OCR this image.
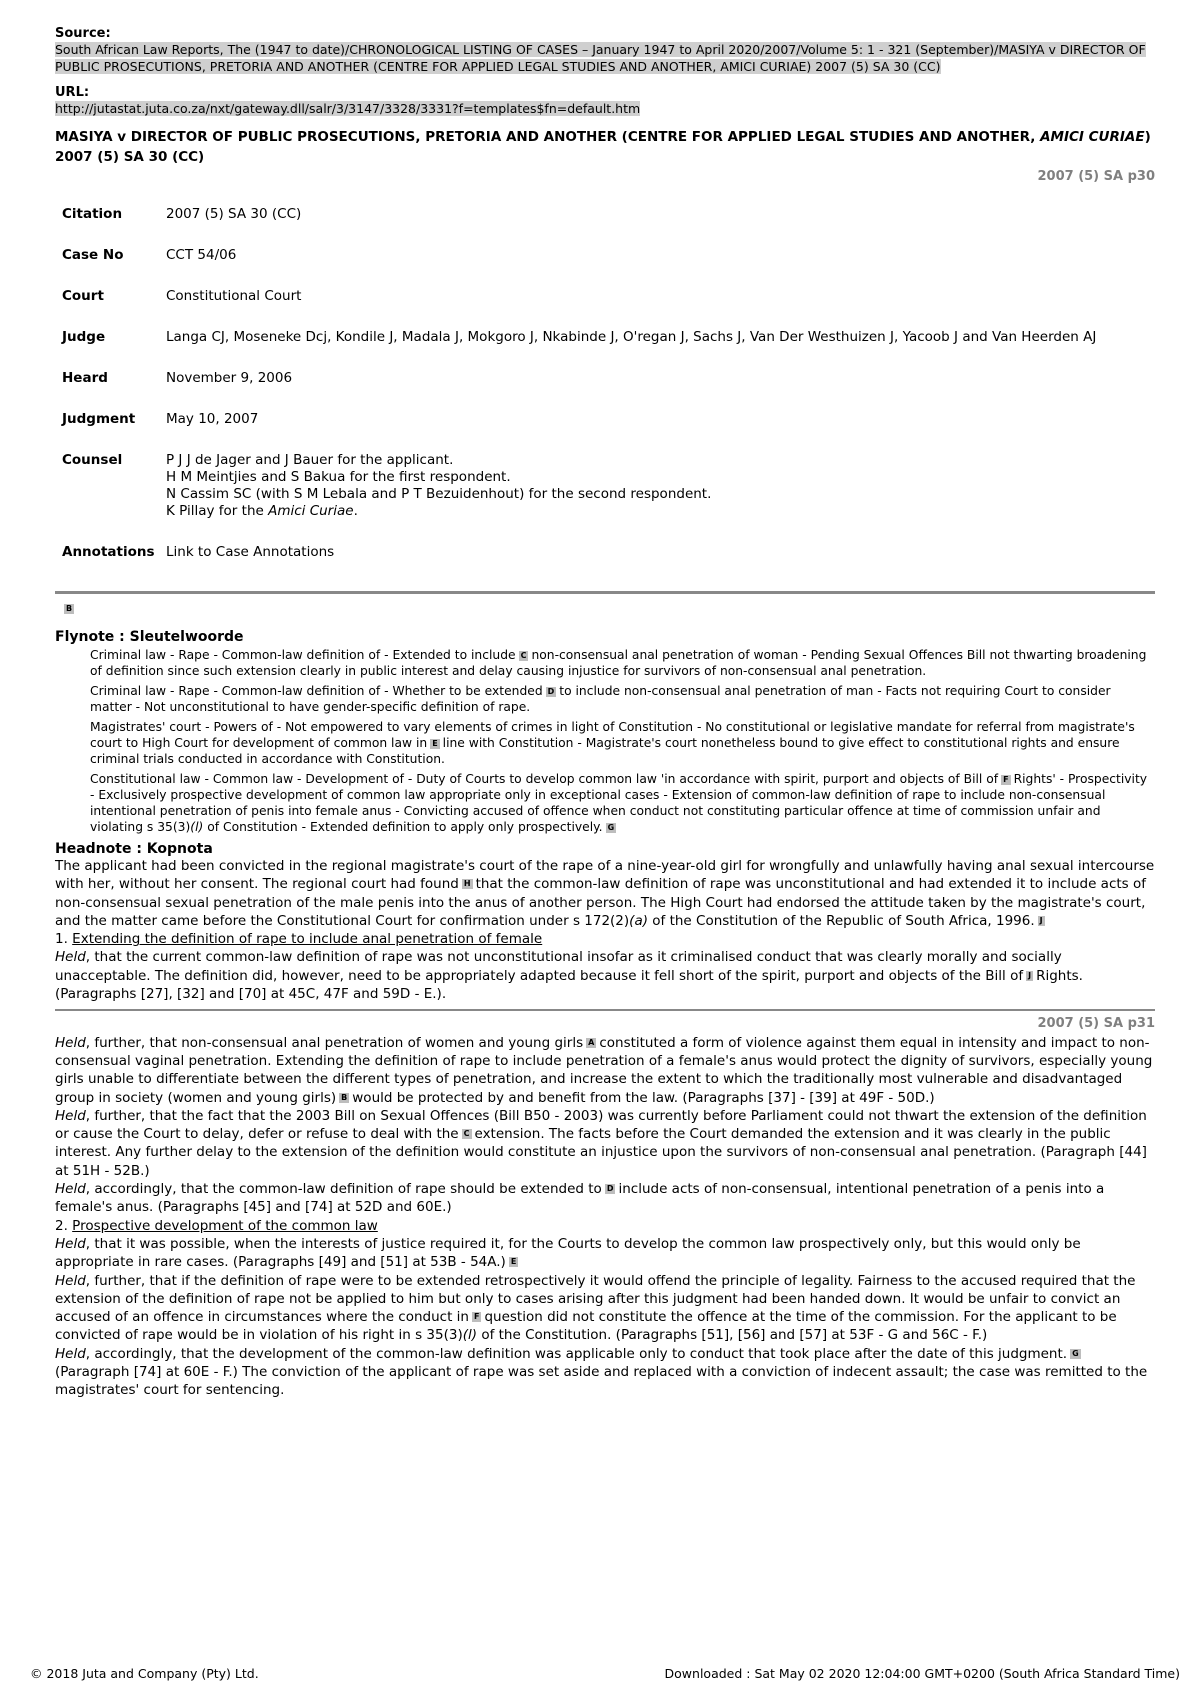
Source:
South African Law Reports, The (1947 to date)/CHRONOLOGICAL LISTING OF CASES – January 1947 to April 2020/2007/Volume 5: 1 - 321 (September)/MASIYA v DIRECTOR OF PUBLIC PROSECUTIONS, PRETORIA AND ANOTHER (CENTRE FOR APPLIED LEGAL STUDIES AND ANOTHER, AMICI CURIAE) 2007 (5) SA 30 (CC)
URL:
http://jutastat.juta.co.za/nxt/gateway.dll/salr/3/3147/3328/3331?f=templates$fn=default.htm
MASIYA v DIRECTOR OF PUBLIC PROSECUTIONS, PRETORIA AND ANOTHER (CENTRE FOR APPLIED LEGAL STUDIES AND ANOTHER, AMICI CURIAE) 2007 (5) SA 30 (CC)
2007 (5) SA p30
Citation	2007 (5) SA 30 (CC)
Case No	CCT 54/06
Court	Constitutional Court
Judge	Langa CJ, Moseneke Dcj, Kondile J, Madala J, Mokgoro J, Nkabinde J, O'regan J, Sachs J, Van Der Westhuizen J, Yacoob J and Van Heerden AJ
Heard	November 9, 2006
Judgment	May 10, 2007
Counsel	P J J de Jager and J Bauer for the applicant.
H M Meintjies and S Bakua for the first respondent.
N Cassim SC (with S M Lebala and P T Bezuidenhout) for the second respondent.
K Pillay for the Amici Curiae.

Annotations	Link to Case Annotations
B
Flynote : Sleutelwoorde

Criminal law - Rape - Common-law definition of - Extended to include C non-consensual anal penetration of woman - Pending Sexual Offences Bill not thwarting broadening of definition since such extension clearly in public interest and delay causing injustice for survivors of non-consensual anal penetration.

Criminal law - Rape - Common-law definition of - Whether to be extended D to include non-consensual anal penetration of man - Facts not requiring Court to consider matter - Not unconstitutional to have gender-specific definition of rape.

Magistrates' court - Powers of - Not empowered to vary elements of crimes in light of Constitution - No constitutional or legislative mandate for referral from magistrate's court to High Court for development of common law in E line with Constitution - Magistrate's court nonetheless bound to give effect to constitutional rights and ensure criminal trials conducted in accordance with Constitution.

Constitutional law - Common law - Development of - Duty of Courts to develop common law 'in accordance with spirit, purport and objects of Bill of F Rights' - Prospectivity - Exclusively prospective development of common law appropriate only in exceptional cases - Extension of common-law definition of rape to include non-consensual intentional penetration of penis into female anus - Convicting accused of offence when conduct not constituting particular offence at time of commission unfair and violating s 35(3)(l) of Constitution - Extended definition to apply only prospectively. G

Headnote : Kopnota

The applicant had been convicted in the regional magistrate's court of the rape of a nine-year-old girl for wrongfully and unlawfully having anal sexual intercourse with her, without her consent. The regional court had found H that the common-law definition of rape was unconstitutional and had extended it to include acts of non-consensual sexual penetration of the male penis into the anus of another person. The High Court had endorsed the attitude taken by the magistrate's court, and the matter came before the Constitutional Court for confirmation under s 172(2)(a) of the Constitution of the Republic of South Africa, 1996. J

1. Extending the definition of rape to include anal penetration of female

Held, that the current common-law definition of rape was not unconstitutional insofar as it criminalised conduct that was clearly morally and socially unacceptable. The definition did, however, need to be appropriately adapted because it fell short of the spirit, purport and objects of the Bill of J Rights. (Paragraphs [27], [32] and [70] at 45C, 47F and 59D - E.).

2007 (5) SA p31

Held, further, that non-consensual anal penetration of women and young girls A constituted a form of violence against them equal in intensity and impact to non-consensual vaginal penetration. Extending the definition of rape to include penetration of a female's anus would protect the dignity of survivors, especially young girls unable to differentiate between the different types of penetration, and increase the extent to which the traditionally most vulnerable and disadvantaged group in society (women and young girls) B would be protected by and benefit from the law. (Paragraphs [37] - [39] at 49F - 50D.)

Held, further, that the fact that the 2003 Bill on Sexual Offences (Bill B50 - 2003) was currently before Parliament could not thwart the extension of the definition or cause the Court to delay, defer or refuse to deal with the C extension. The facts before the Court demanded the extension and it was clearly in the public interest. Any further delay to the extension of the definition would constitute an injustice upon the survivors of non-consensual anal penetration. (Paragraph [44] at 51H - 52B.)

Held, accordingly, that the common-law definition of rape should be extended to D include acts of non-consensual, intentional penetration of a penis into a female's anus. (Paragraphs [45] and [74] at 52D and 60E.)

2. Prospective development of the common law

Held, that it was possible, when the interests of justice required it, for the Courts to develop the common law prospectively only, but this would only be appropriate in rare cases. (Paragraphs [49] and [51] at 53B - 54A.) E

Held, further, that if the definition of rape were to be extended retrospectively it would offend the principle of legality. Fairness to the accused required that the extension of the definition of rape not be applied to him but only to cases arising after this judgment had been handed down. It would be unfair to convict an accused of an offence in circumstances where the conduct in F question did not constitute the offence at the time of the commission. For the applicant to be convicted of rape would be in violation of his right in s 35(3)(l) of the Constitution. (Paragraphs [51], [56] and [57] at 53F - G and 56C - F.)

Held, accordingly, that the development of the common-law definition was applicable only to conduct that took place after the date of this judgment. G(Paragraph [74] at 60E - F.) The conviction of the applicant of rape was set aside and replaced with a conviction of indecent assault; the case was remitted to the magistrates' court for sentencing.

© 2018 Juta and Company (Pty) Ltd.	Downloaded : Sat May 02 2020 12:04:00 GMT+0200 (South Africa Standard Time)
